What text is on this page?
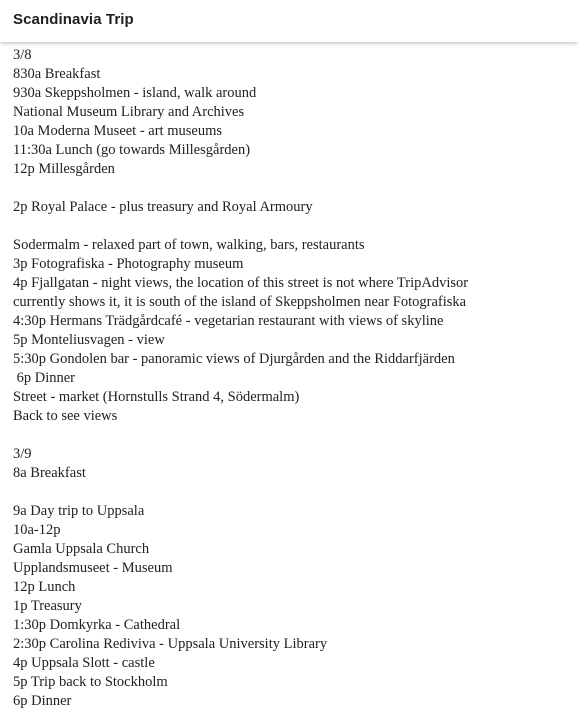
Scandinavia Trip
3/8
830a Breakfast
930a Skeppsholmen - island, walk around
National Museum Library and Archives
10a Moderna Museet - art museums
11:30a Lunch (go towards Millesgården)
12p Millesgården
2p Royal Palace - plus treasury and Royal Armoury
Sodermalm - relaxed part of town, walking, bars, restaurants
3p Fotografiska - Photography museum
4p Fjallgatan - night views, the location of this street is not where TripAdvisor
currently shows it, it is south of the island of Skeppsholmen near Fotografiska
4:30p Hermans Trädgårdcafé - vegetarian restaurant with views of skyline
5p Monteliusvagen - view
5:30p Gondolen bar - panoramic views of Djurgården and the Riddarfjärden
6p Dinner
Street - market (Hornstulls Strand 4, Södermalm)
Back to see views
3/9
8a Breakfast
9a Day trip to Uppsala
10a-12p
Gamla Uppsala Church
Upplandsmuseet - Museum
12p Lunch
1p Treasury
1:30p Domkyrka - Cathedral
2:30p Carolina Rediviva - Uppsala University Library
4p Uppsala Slott - castle
5p Trip back to Stockholm
6p Dinner
